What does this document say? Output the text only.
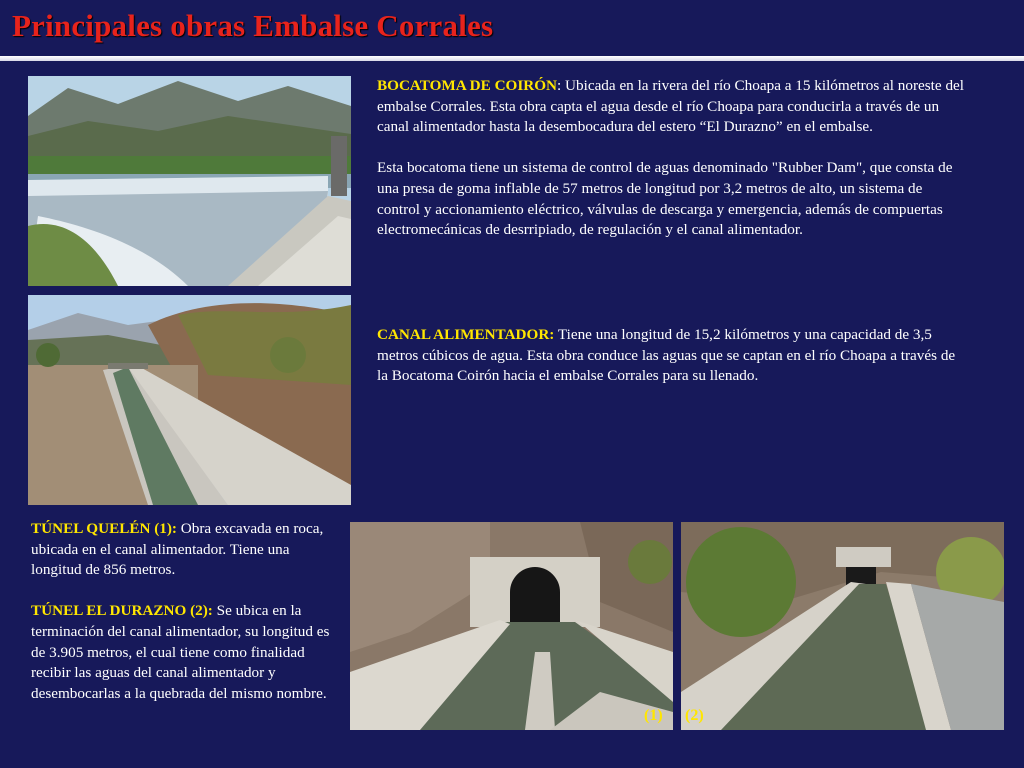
Principales obras Embalse Corrales

BOCATOMA DE COIRÓN: Ubicada en la rivera del río Choapa a 15 kilómetros al noreste del embalse Corrales. Esta obra capta el agua desde el río Choapa para conducirla a través de un canal alimentador hasta la desembocadura del estero “El Durazno” en el embalse.

Esta bocatoma tiene un sistema de control de aguas denominado "Rubber Dam", que consta de una presa de goma inflable de 57 metros de longitud por 3,2 metros de alto, un sistema de control y accionamiento eléctrico, válvulas de descarga y emergencia, además de compuertas electromecánicas de desrripiado, de regulación y el canal alimentador.

CANAL ALIMENTADOR: Tiene una longitud de 15,2 kilómetros y una capacidad de 3,5 metros cúbicos de agua. Esta obra conduce las aguas que se captan en el río Choapa a través de la Bocatoma Coirón hacia el embalse Corrales para su llenado.

TÚNEL QUELÉN (1): Obra excavada en roca, ubicada en el canal alimentador. Tiene una longitud de 856 metros.

TÚNEL EL DURAZNO (2): Se ubica en la terminación del canal alimentador, su longitud es de 3.905 metros, el cual tiene como finalidad recibir las aguas del canal alimentador y desembocarlas a la quebrada del mismo nombre.

(1) (2)
